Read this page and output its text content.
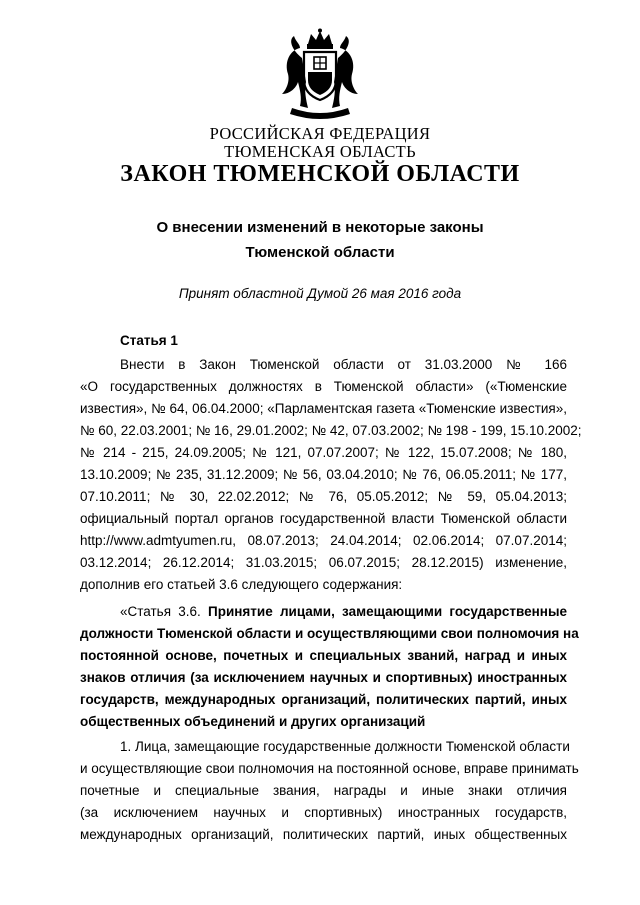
РОССИЙСКАЯ ФЕДЕРАЦИЯ
ТЮМЕНСКАЯ ОБЛАСТЬ
ЗАКОН ТЮМЕНСКОЙ ОБЛАСТИ
О внесении изменений в некоторые законы
Тюменской области
Принят областной Думой 26 мая 2016 года
Статья 1
Внести в Закон Тюменской области от 31.03.2000 № 166
«О государственных должностях в Тюменской области» («Тюменские
известия», № 64, 06.04.2000; «Парламентская газета «Тюменские известия»,
№ 60, 22.03.2001; № 16, 29.01.2002; № 42, 07.03.2002; № 198 - 199, 15.10.2002;
№ 214 - 215, 24.09.2005; № 121, 07.07.2007; № 122, 15.07.2008; № 180,
13.10.2009; № 235, 31.12.2009; № 56, 03.04.2010; № 76, 06.05.2011; № 177,
07.10.2011; № 30, 22.02.2012; № 76, 05.05.2012; № 59, 05.04.2013;
официальный портал органов государственной власти Тюменской области
http://www.admtyumen.ru, 08.07.2013; 24.04.2014; 02.06.2014; 07.07.2014;
03.12.2014; 26.12.2014; 31.03.2015; 06.07.2015; 28.12.2015) изменение,
дополнив его статьей 3.6 следующего содержания:
«Статья 3.6. Принятие лицами, замещающими государственные
должности Тюменской области и осуществляющими свои полномочия на
постоянной основе, почетных и специальных званий, наград и иных
знаков отличия (за исключением научных и спортивных) иностранных
государств, международных организаций, политических партий, иных
общественных объединений и других организаций
1. Лица, замещающие государственные должности Тюменской области
и осуществляющие свои полномочия на постоянной основе, вправе принимать
почетные и специальные звания, награды и иные знаки отличия
(за исключением научных и спортивных) иностранных государств,
международных организаций, политических партий, иных общественных
